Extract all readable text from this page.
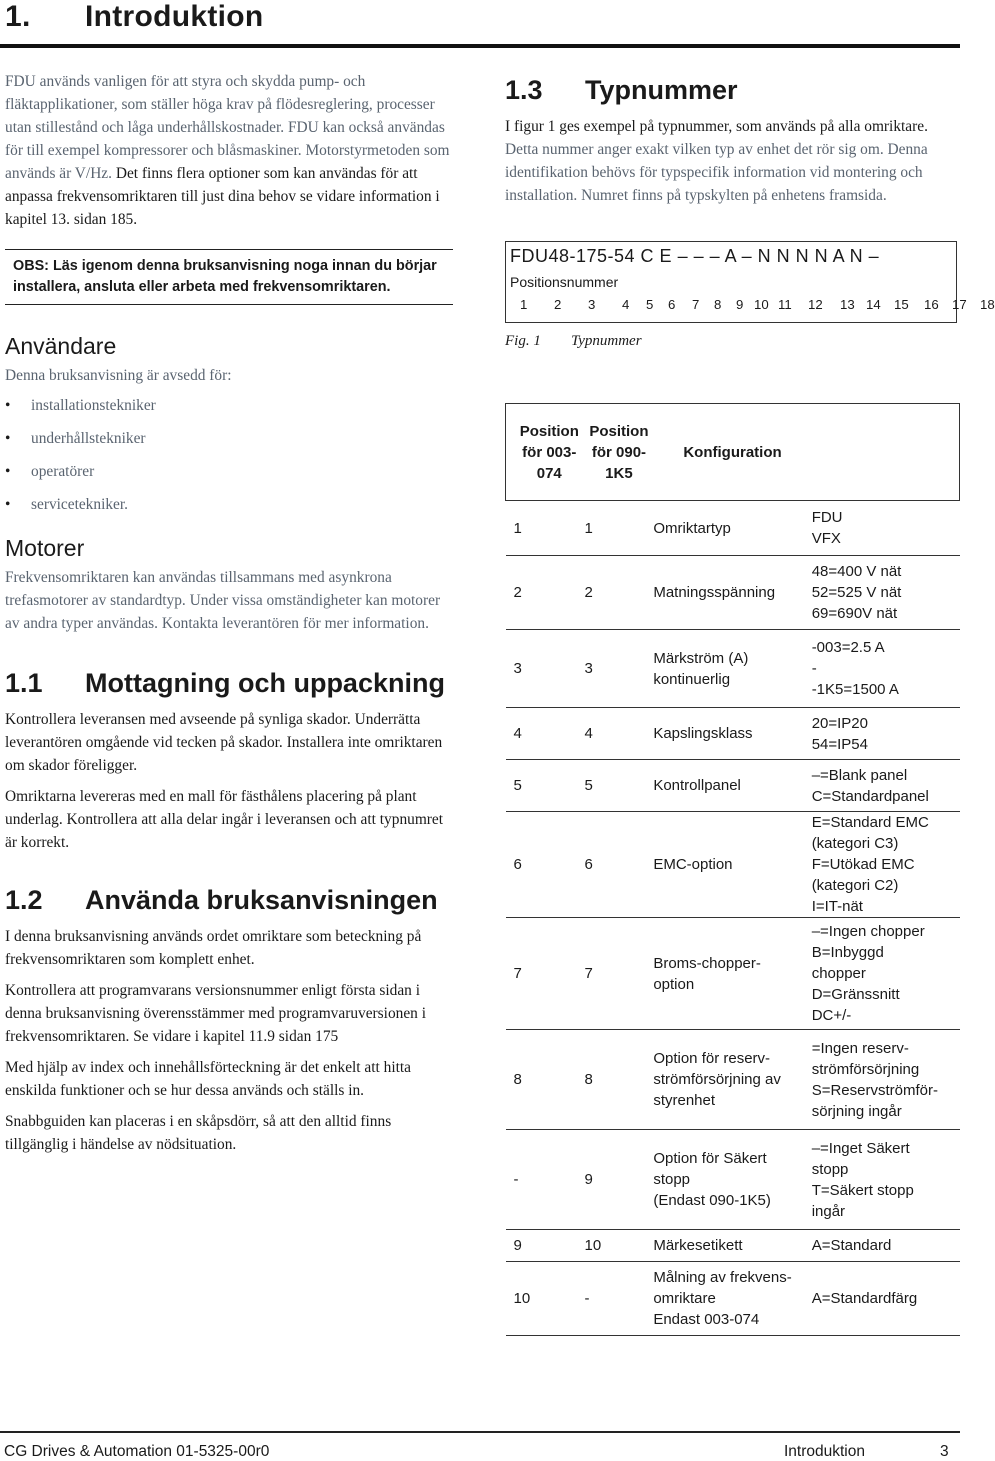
1. Introduktion

FDU används vanligen för att styra och skydda pump- och fläktapplikationer, som ställer höga krav på flödesreglering, processer utan stillestånd och låga underhållskostnader. FDU kan också användas för till exempel kompressorer och blåsmaskiner. Motorstyrmetoden som används är V/Hz. Det finns flera optioner som kan användas för att anpassa frekvensomriktaren till just dina behov se vidare information i kapitel 13. sidan 185.

OBS: Läs igenom denna bruksanvisning noga innan du börjar installera, ansluta eller arbeta med frekvensomriktaren.
Användare

Denna bruksanvisning är avsedd för:

• installationstekniker
• underhållstekniker
• operatörer
• servicetekniker.
Motorer

Frekvensomriktaren kan användas tillsammans med asynkrona trefasmotorer av standardtyp. Under vissa omständigheter kan motorer av andra typer användas. Kontakta leverantören för mer information.

1.1	Mottagning och uppackning

Kontrollera leveransen med avseende på synliga skador. Underrätta leverantören omgående vid tecken på skador. Installera inte omriktaren om skador föreligger.

Omriktarna levereras med en mall för fästhålens placering på plant underlag. Kontrollera att alla delar ingår i leveransen och att typnumret är korrekt.

1.2	Använda bruksanvisningen

I denna bruksanvisning används ordet omriktare som beteckning på frekvensomriktaren som komplett enhet.

Kontrollera att programvarans versionsnummer enligt första sidan i denna bruksanvisning överensstämmer med programvaruversionen i frekvensomriktaren. Se vidare i kapitel 11.9 sidan 175

Med hjälp av index och innehållsförteckning är det enkelt att hitta enskilda funktioner och se hur dessa används och ställs in.

Snabbguiden kan placeras i en skåpsdörr, så att den alltid finns tillgänglig i händelse av nödsituation.

1.3	Typnummer

I figur 1 ges exempel på typnummer, som används på alla omriktare. Detta nummer anger exakt vilken typ av enhet det rör sig om. Denna identifikation behövs för typspecifik information vid montering och installation. Numret finns på typskylten på enhetens framsida.

FDU48-175-54 C E – – – A – N N N N A N –
Positionsnummer
1 2 3 4 5 6 7 8 9 10 11 12 13 14 15 16 17 18
Fig. 1	Typnummer
Position för 003-074	Position för 090-1K5	Konfiguration	
1	1	Omriktartyp	FDU
VFX
2	2	Matningsspänning	48=400 V nät
52=525 V nät
69=690V nät
3	3	Märkström (A)
kontinuerlig	-003=2.5 A
-
-1K5=1500 A
4	4	Kapslingsklass	20=IP20
54=IP54
5	5	Kontrollpanel	–=Blank panel
C=Standardpanel
6	6	EMC-option	E=Standard EMC
(kategori C3)
F=Utökad EMC
(kategori C2)
I=IT-nät
7	7	Broms-chopper-
option	–=Ingen chopper
B=Inbyggd
chopper
D=Gränssnitt
DC+/-
8	8	Option för reserv-
strömförsörjning av
styrenhet	=Ingen reserv-
strömförsörjning
S=Reservströmför-
sörjning ingår
-	9	Option för Säkert
stopp
(Endast 090-1K5)	–=Inget Säkert
stopp
T=Säkert stopp
ingår
9	10	Märkesetikett	A=Standard
10	-	Målning av frekvens-
omriktare
Endast 003-074	A=Standardfärg
CG Drives & Automation 01-5325-00r0	Introduktion	3
